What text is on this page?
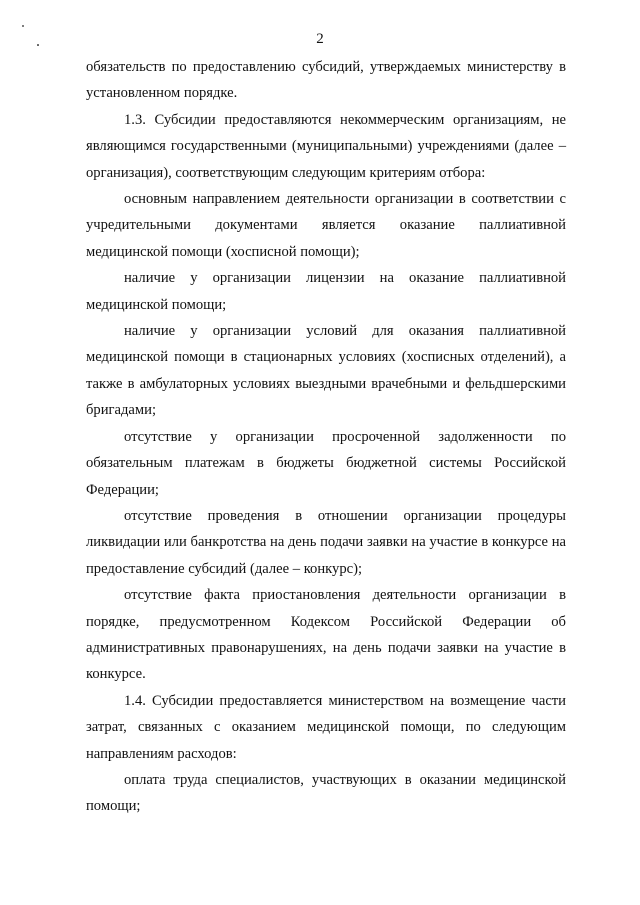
2

обязательств по предоставлению субсидий, утверждаемых министерству в установленном порядке.

1.3. Субсидии предоставляются некоммерческим организациям, не являющимся государственными (муниципальными) учреждениями (далее – организация), соответствующим следующим критериям отбора:

основным направлением деятельности организации в соответствии с учредительными документами является оказание паллиативной медицинской помощи (хосписной помощи);

наличие у организации лицензии на оказание паллиативной медицинской помощи;

наличие у организации условий для оказания паллиативной медицинской помощи в стационарных условиях (хосписных отделений), а также в амбулаторных условиях выездными врачебными и фельдшерскими бригадами;

отсутствие у организации просроченной задолженности по обязательным платежам в бюджеты бюджетной системы Российской Федерации;

отсутствие проведения в отношении организации процедуры ликвидации или банкротства на день подачи заявки на участие в конкурсе на предоставление субсидий (далее – конкурс);

отсутствие факта приостановления деятельности организации в порядке, предусмотренном Кодексом Российской Федерации об административных правонарушениях, на день подачи заявки на участие в конкурсе.

1.4. Субсидии предоставляется министерством на возмещение части затрат, связанных с оказанием медицинской помощи, по следующим направлениям расходов:

оплата труда специалистов, участвующих в оказании медицинской помощи;
